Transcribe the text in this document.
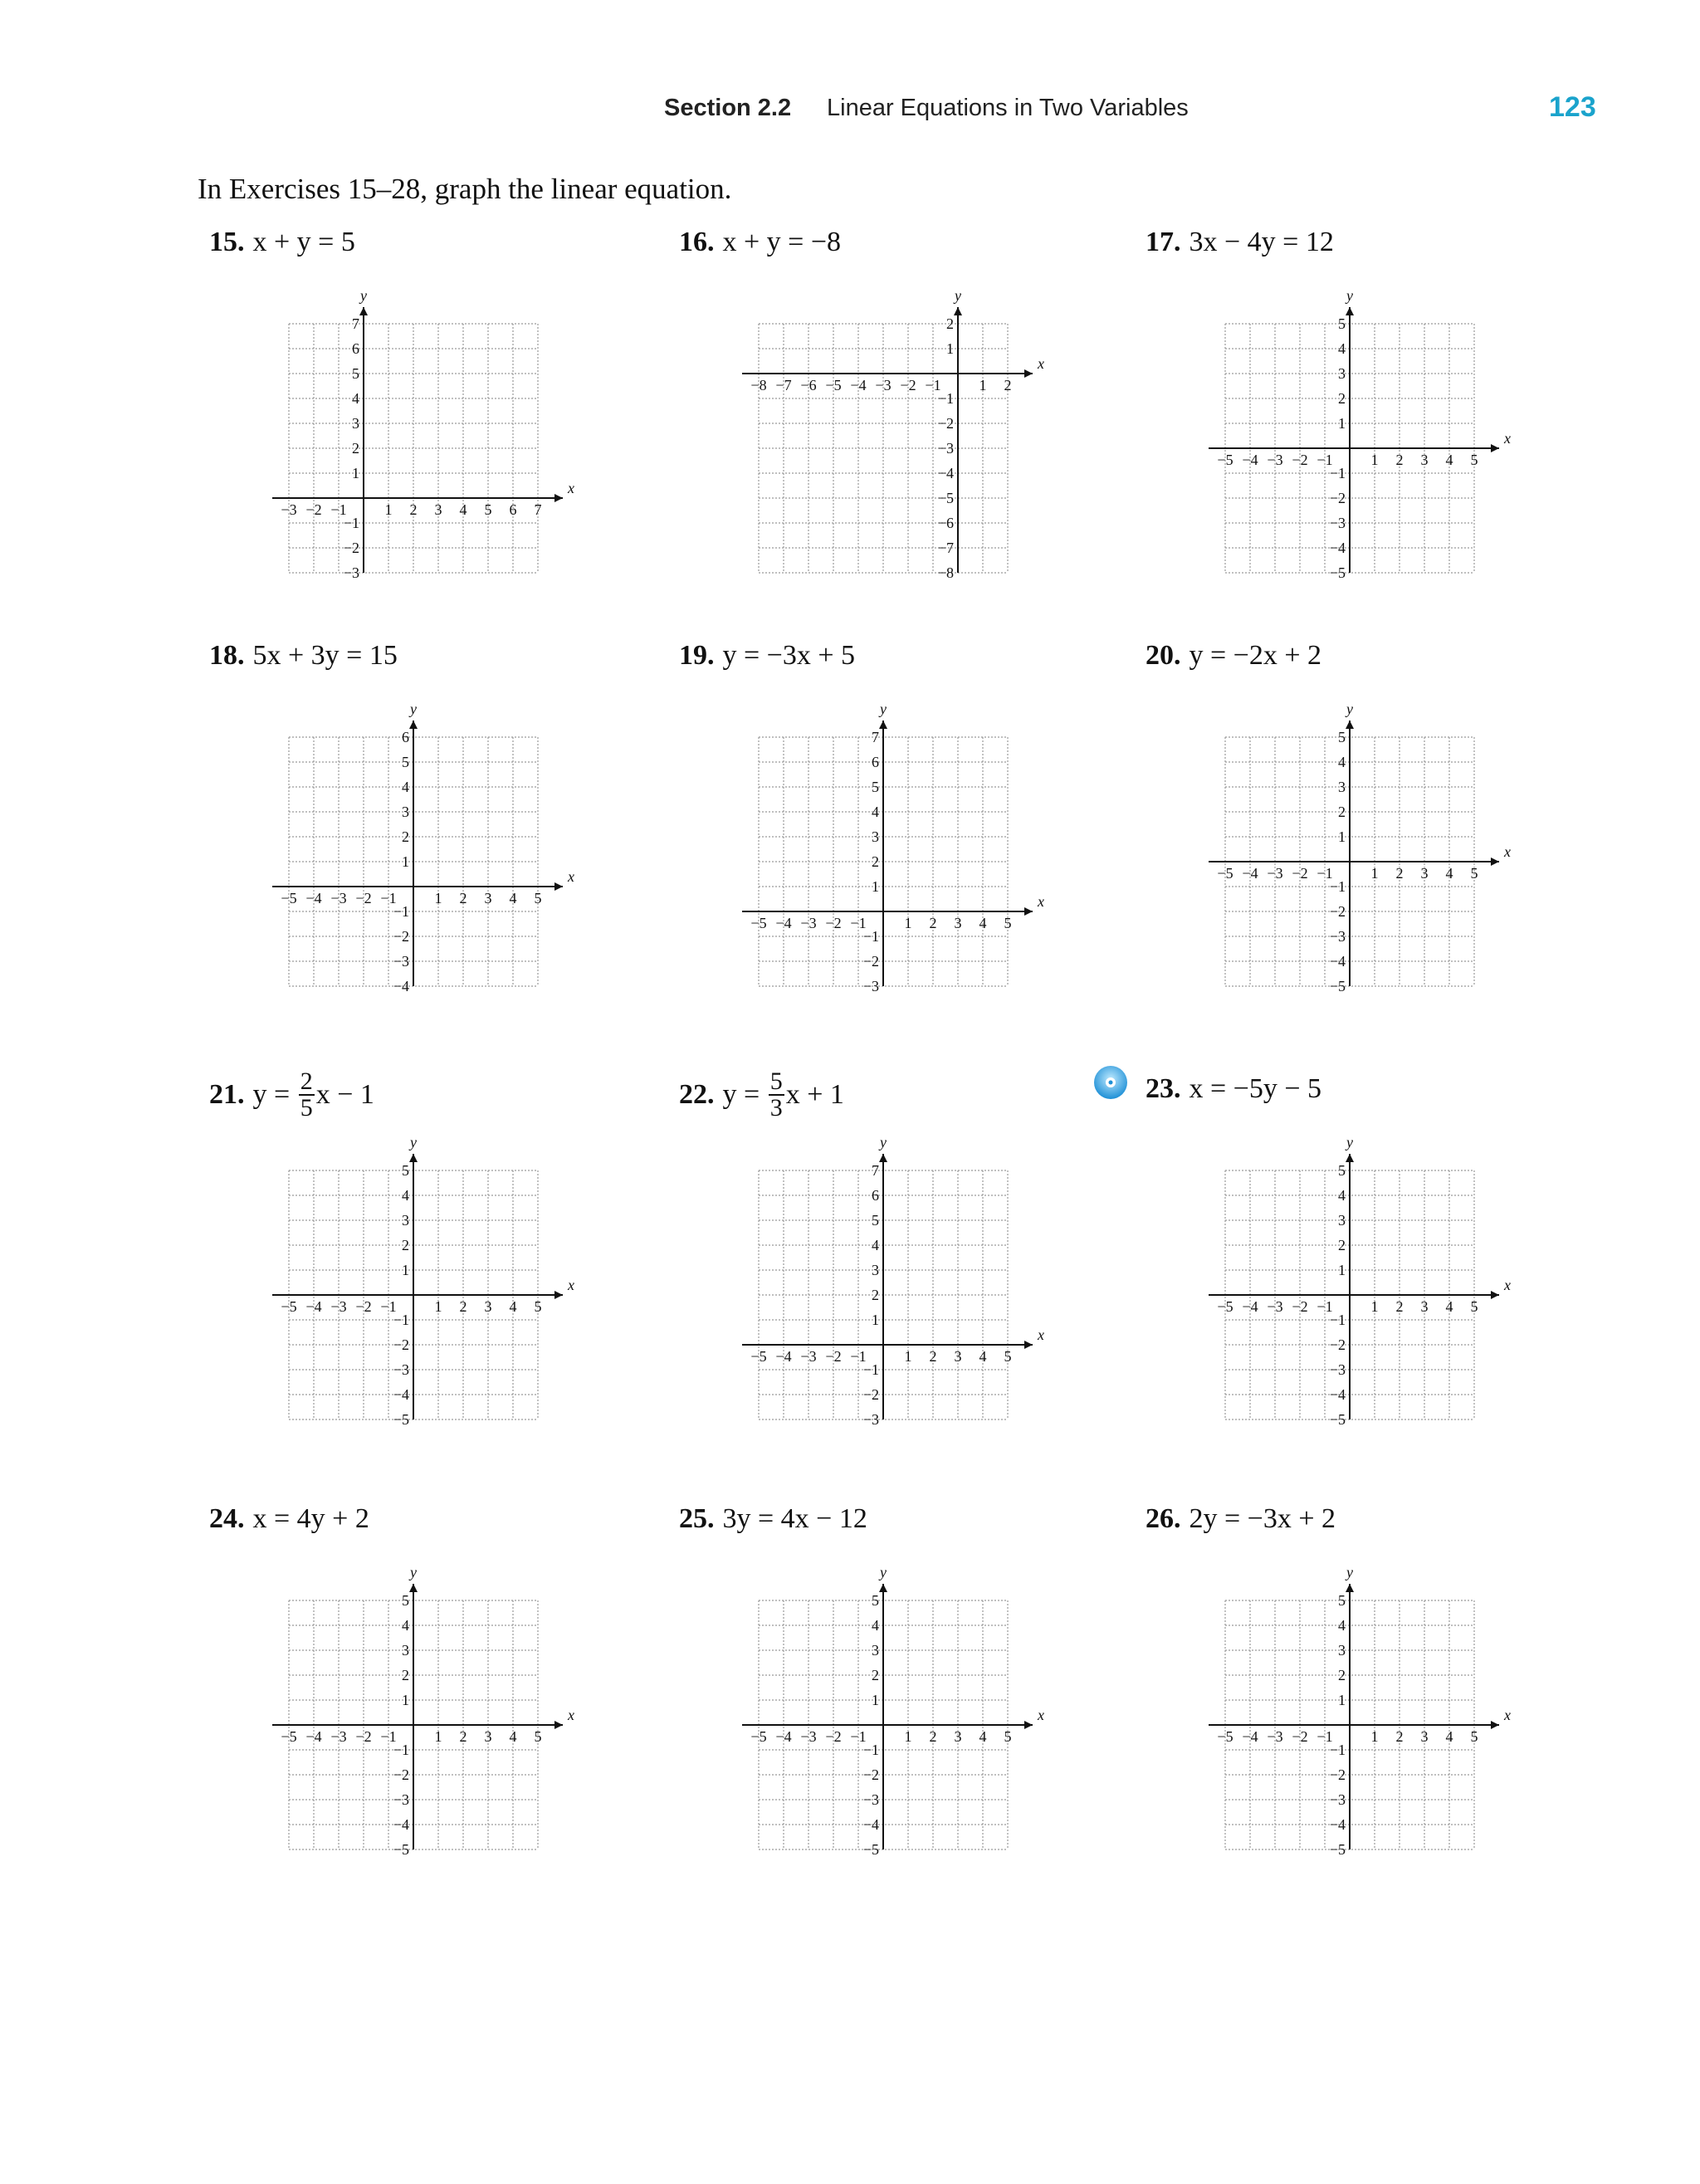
Section 2.2 Linear Equations in Two Variables	123
In Exercises 15–28, graph the linear equation.
15. x + y = 5
x
y
−3 −2 −1	1 2 3 4 5 6 7
−3
−2
−1
1
2
3
4
5
6
7
16. x + y = −8
x
y
−8 −7 −6 −5 −4 −3 −2 −1	1 2
−8
−7
−6
−5
−4
−3
−2
−1
1
2
17. 3x − 4y = 12
x
y
−5 −4 −3 −2 −1	1 2 3 4 5
−5
−4
−3
−2
−1
1
2
3
4
5
18. 5x + 3y = 15
x
y
−5 −4 −3 −2 −1	1 2 3 4 5
−4
−3
−2
−1
1
2
3
4
5
6
19. y = −3x + 5
x
y
−5 −4 −3 −2 −1	1 2 3 4 5
−3
−2
−1
1
2
3
4
5
6
7
20. y = −2x + 2
x
y
−5 −4 −3 −2 −1	1 2 3 4 5
−5
−4
−3
−2
−1
1
2
3
4
5
21. $y = \frac{2}{5}$ x − 1
x
y
−5 −4 −3 −2 −1	1 2 3 4 5
−5
−4
−3
−2
−1
1
2
3
4
5
22. $y = \frac{5}{3}$ x + 1
x
y
−5 −4 −3 −2 −1	1 2 3 4 5
−3
−2
−1
1
2
3
4
5
6
7
23. x = −5y − 5
x
y
−5 −4 −3 −2 −1	1 2 3 4 5
−5
−4
−3
−2
−1
1
2
3
4
5
24. x = 4y + 2
x
y
−5 −4 −3 −2 −1	1 2 3 4 5
−5
−4
−3
−2
−1
1
2
3
4
5
25. 3y = 4x − 12
x
y
−5 −4 −3 −2 −1	1 2 3 4 5
−5
−4
−3
−2
−1
1
2
3
4
5
26. 2y = −3x + 2
x
y
−5 −4 −3 −2 −1	1 2 3 4 5
−5
−4
−3
−2
−1
1
2
3
4
5
